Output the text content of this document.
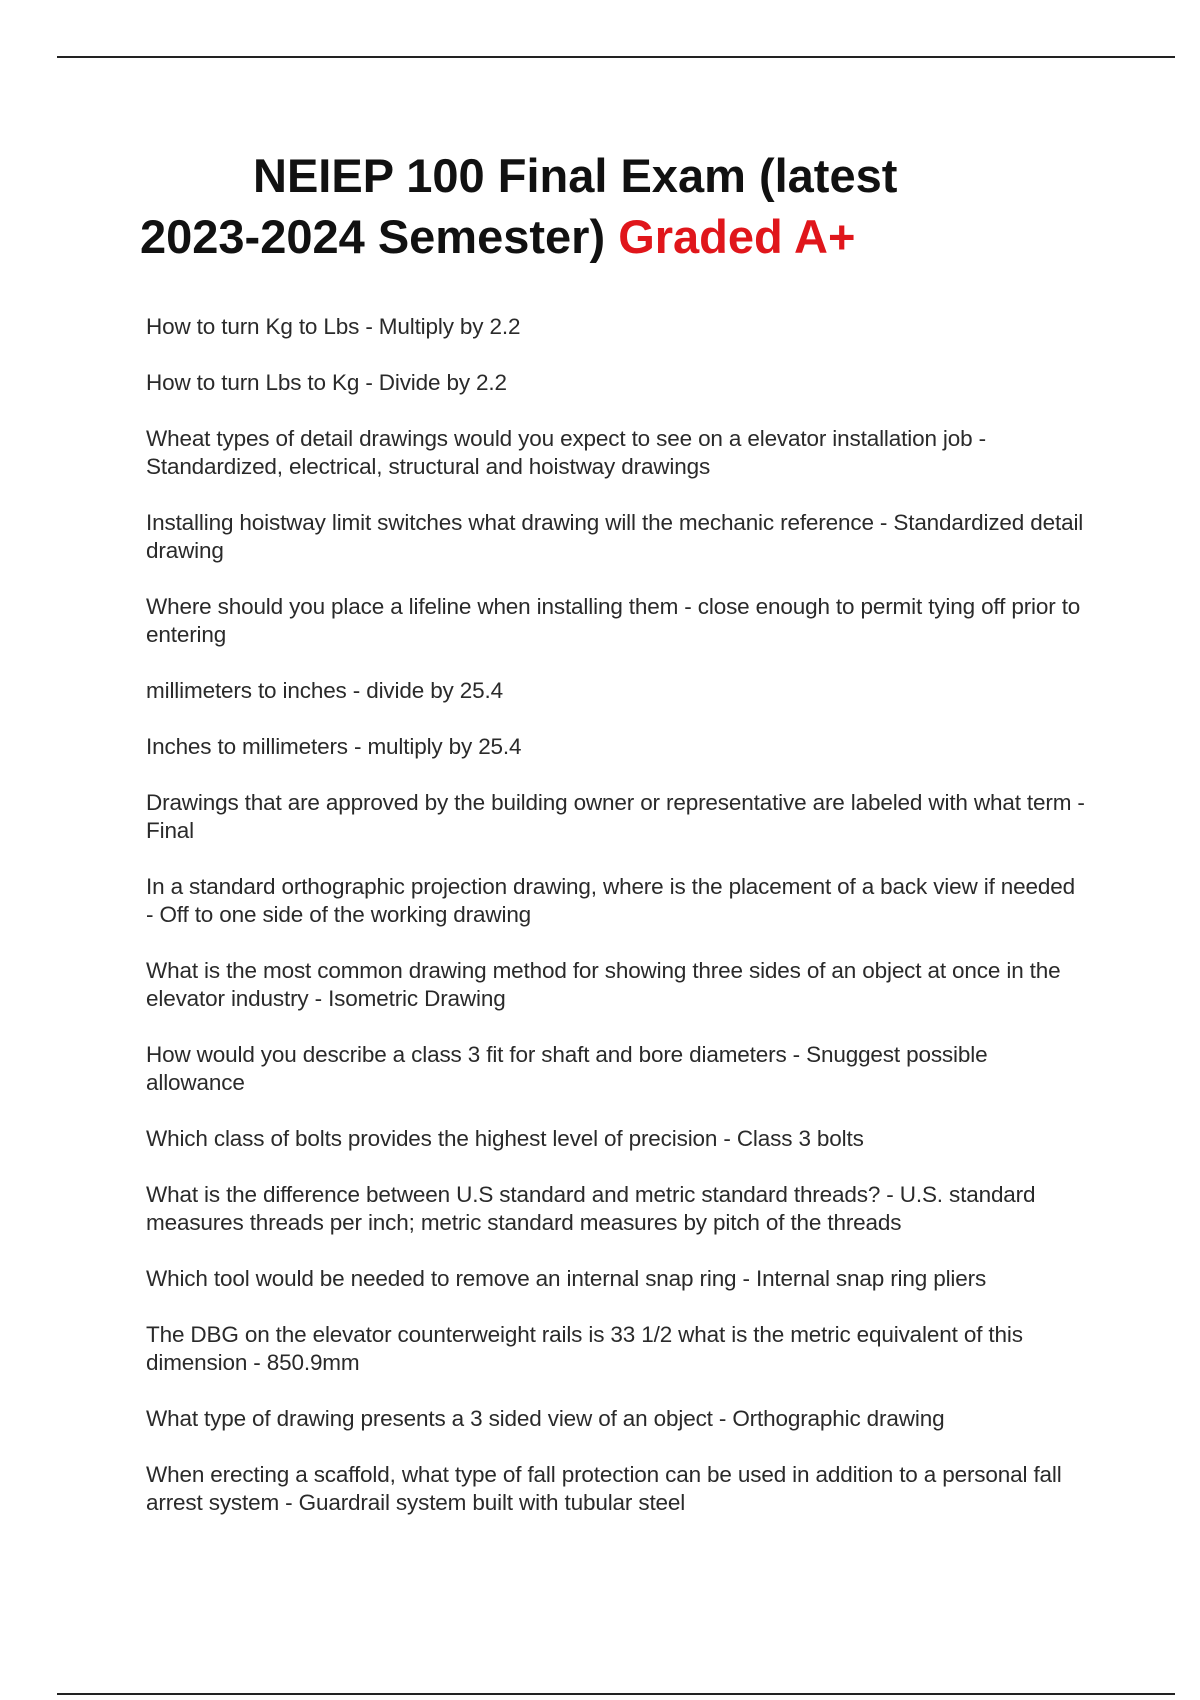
NEIEP 100 Final Exam (latest
2023-2024 Semester) Graded A+
How to turn Kg to Lbs - Multiply by 2.2
How to turn Lbs to Kg - Divide by 2.2
Wheat types of detail drawings would you expect to see on a elevator installation job - Standardized, electrical, structural and hoistway drawings
Installing hoistway limit switches what drawing will the mechanic reference - Standardized detail drawing
Where should you place a lifeline when installing them - close enough to permit tying off prior to entering
millimeters to inches - divide by 25.4
Inches to millimeters - multiply by 25.4
Drawings that are approved by the building owner or representative are labeled with what term - Final
In a standard orthographic projection drawing, where is the placement of a back view if needed - Off to one side of the working drawing
What is the most common drawing method for showing three sides of an object at once in the elevator industry - Isometric Drawing
How would you describe a class 3 fit for shaft and bore diameters - Snuggest possible allowance
Which class of bolts provides the highest level of precision - Class 3 bolts
What is the difference between U.S standard and metric standard threads? - U.S. standard measures threads per inch; metric standard measures by pitch of the threads
Which tool would be needed to remove an internal snap ring - Internal snap ring pliers
The DBG on the elevator counterweight rails is 33 1/2 what is the metric equivalent of this dimension - 850.9mm
What type of drawing presents a 3 sided view of an object - Orthographic drawing
When erecting a scaffold, what type of fall protection can be used in addition to a personal fall arrest system - Guardrail system built with tubular steel
